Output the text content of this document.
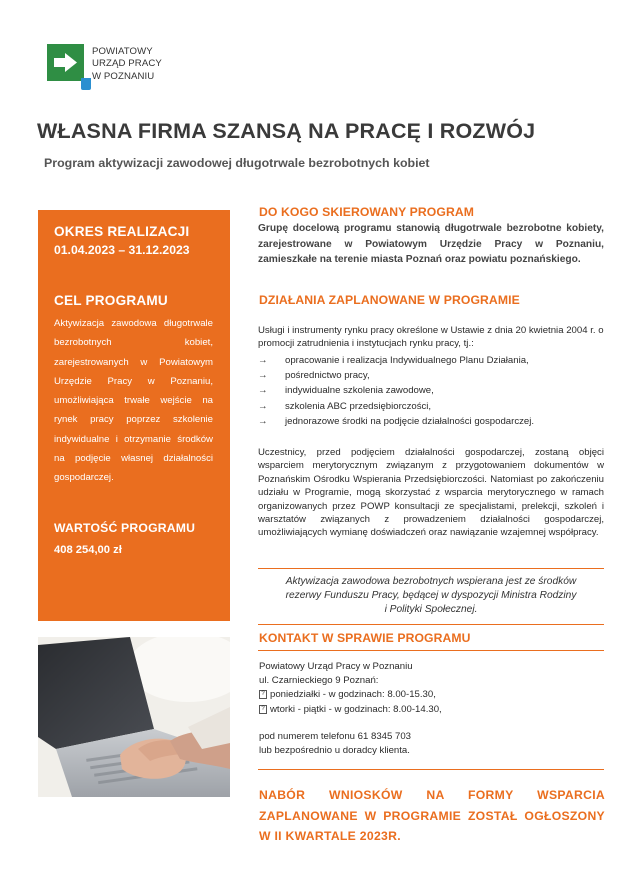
POWIATOWY
URZĄD PRACY
W POZNANIU
WŁASNA FIRMA SZANSĄ NA PRACĘ I ROZWÓJ
Program aktywizacji zawodowej długotrwale bezrobotnych kobiet
OKRES REALIZACJI
01.04.2023 – 31.12.2023
CEL PROGRAMU
Aktywizacja zawodowa długotrwale bezrobotnych kobiet, zarejestrowanych w Powiatowym Urzędzie Pracy w Poznaniu, umożliwiająca trwałe wejście na rynek pracy poprzez szkolenie indywidualne i otrzymanie środków na podjęcie własnej działalności gospodarczej.
WARTOŚĆ PROGRAMU
408 254,00 zł
DO KOGO SKIEROWANY PROGRAM
Grupę docelową programu stanowią długotrwale bezrobotne kobiety, zarejestrowane w Powiatowym Urzędzie Pracy w Poznaniu, zamieszkałe na terenie miasta Poznań oraz powiatu poznańskiego.
DZIAŁANIA ZAPLANOWANE W PROGRAMIE
Usługi i instrumenty rynku pracy określone w Ustawie z dnia 20 kwietnia 2004 r. o promocji zatrudnienia i instytucjach rynku pracy, tj.:
→	opracowanie i realizacja Indywidualnego Planu Działania,
→	pośrednictwo pracy,
→	indywidualne szkolenia zawodowe,
→	szkolenia ABC przedsiębiorczości,
→	jednorazowe środki na podjęcie działalności gospodarczej.
Uczestnicy, przed podjęciem działalności gospodarczej, zostaną objęci wsparciem merytorycznym związanym z przygotowaniem dokumentów w Poznańskim Ośrodku Wspierania Przedsiębiorczości. Natomiast po zakończeniu udziału w Programie, mogą skorzystać z wsparcia merytorycznego w ramach organizowanych przez POWP konsultacji ze specjalistami, prelekcji, szkoleń i warsztatów związanych z prowadzeniem działalności gospodarczej, umożliwiających wymianę doświadczeń oraz nawiązanie wzajemnej współpracy.
Aktywizacja zawodowa bezrobotnych wspierana jest ze środków
rezerwy Funduszu Pracy, będącej w dyspozycji Ministra Rodziny
i Polityki Społecznej.
KONTAKT W SPRAWIE PROGRAMU
Powiatowy Urząd Pracy w Poznaniu
ul. Czarnieckiego 9 Poznań:
? poniedziałki - w godzinach: 8.00-15.30,
? wtorki - piątki - w godzinach: 8.00-14.30,
pod numerem telefonu 61 8345 703
lub bezpośrednio u doradcy klienta.
NABÓR WNIOSKÓW NA FORMY WSPARCIA ZAPLANOWANE W PROGRAMIE ZOSTAŁ OGŁOSZONY W II KWARTALE 2023R.
